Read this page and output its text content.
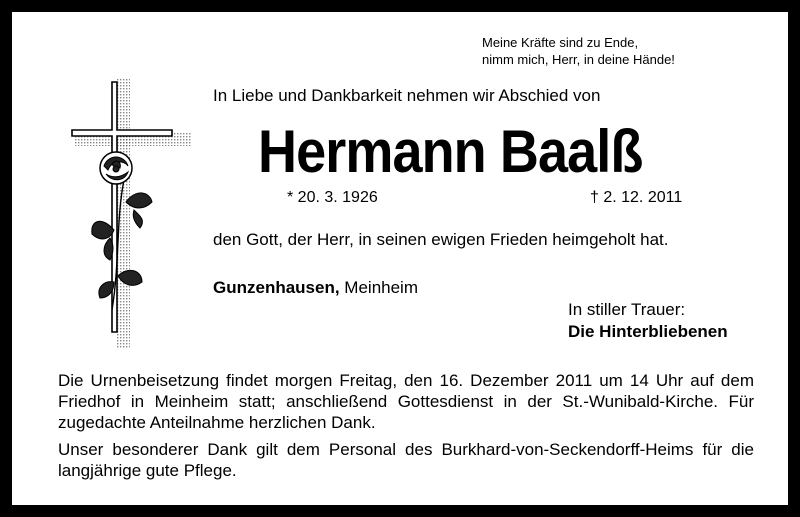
Meine Kräfte sind zu Ende,
nimm mich, Herr, in deine Hände!
In Liebe und Dankbarkeit nehmen wir Abschied von
Hermann Baalß
* 20. 3. 1926	† 2. 12. 2011
den Gott, der Herr, in seinen ewigen Frieden heimgeholt hat.
Gunzenhausen, Meinheim
In stiller Trauer:
Die Hinterbliebenen
Die Urnenbeisetzung findet morgen Freitag, den 16. Dezember 2011 um 14 Uhr auf dem Friedhof in Meinheim statt; anschließend Gottesdienst in der St.-Wunibald-Kirche. Für zugedachte Anteilnahme herzlichen Dank.
Unser besonderer Dank gilt dem Personal des Burkhard-von-Seckendorff-Heims für die langjährige gute Pflege.
